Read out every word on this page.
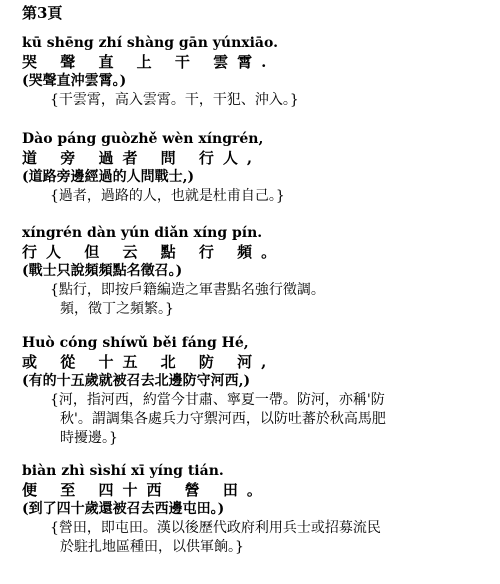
第3頁
kū shēng zhí shàng gān yúnxiāo.
哭 聲 直 上 干 雲霄.
(哭聲直沖雲霄。)
{干雲霄，高入雲霄。干，干犯、沖入。}
Dào páng guòzhě wèn xíngrén,
道 旁 過者 問 行人,
(道路旁邊經過的人問戰士,)
{過者，過路的人，也就是杜甫自己。}
xíngrén dàn yún diǎn xíng pín.
行人 但 云 點 行 頻。
(戰士只說頻頻點名徵召。)
{點行，即按戶籍編造之軍書點名強行徵調。
頻，徵丁之頻繁。}
Huò cóng shíwǔ běi fáng Hé,
或 從 十五 北 防 河,
(有的十五歲就被召去北邊防守河西,)
{河，指河西，約當今甘肅、寧夏一帶。防河，亦稱'防
秋'。謂調集各處兵力守禦河西，以防吐蕃於秋高馬肥
時擾邊。}
biàn zhì sìshí xī yíng tián.
便 至 四十西 營 田。
(到了四十歲還被召去西邊屯田。)
{營田，即屯田。漢以後歷代政府利用兵士或招募流民
於駐扎地區種田，以供軍餉。}
